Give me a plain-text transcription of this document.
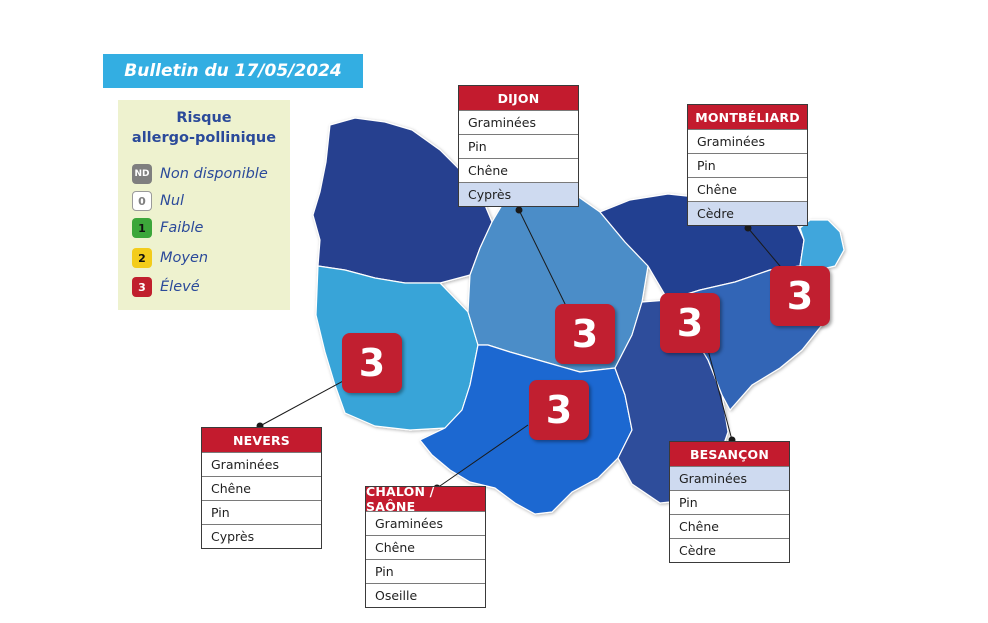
Bulletin du 17/05/2024
Risque
allergo-pollinique
ND Non disponible
0 Nul
1 Faible
2 Moyen
3 Élevé
DIJON
Graminées
Pin
Chêne
Cyprès
MONTBÉLIARD
Graminées
Pin
Chêne
Cèdre
NEVERS
Graminées
Chêne
Pin
Cyprès
CHALON / SAÔNE
Graminées
Chêne
Pin
Oseille
BESANÇON
Graminées
Pin
Chêne
Cèdre
3
3
3
3
3
